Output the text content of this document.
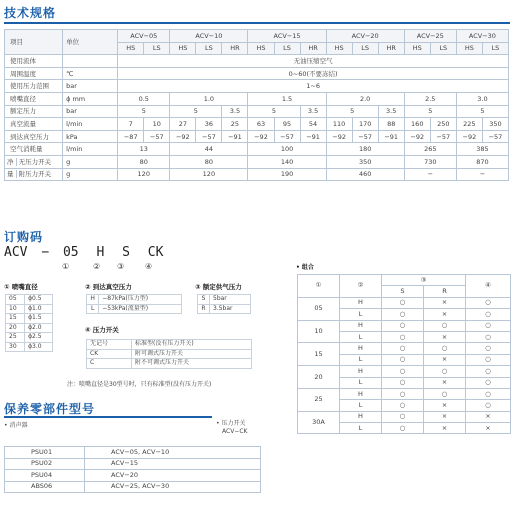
技术规格
项目	单位	ACV−05		ACV−10			ACV−15			ACV−20			ACV−25		ACV−30	
		HS	LS	HS	LS	HR	HS	LS	HR	HS	LS	HR	HS	LS	HS	LS
使用流体		无油压缩空气														
周围温度	℃	0~60(不要冻结)														
使用压力范围	bar	1~6														
喷嘴直径	ϕ mm	0.5		1.0			1.5			2.0			2.5		3.0	
额定压力	bar	5		5		3.5	5		3.5	5		3.5	5		5	
真空流量	l/min	7	10	27	36	25	63	95	54	110	170	88	160	250	225	350
到达真空压力	kPa	−87	−57	−92	−57	−91	−92	−57	−91	−92	−57	−91	−92	−57	−92	−57
空气消耗量	l/min	13		44			100			180			265		385	
净 无压力开关	g	80		80			140			350			730		870	
量 附压力开关	g	120		120			190			460			−		−	
订购码
ACV − 05 H S CK
①	② ③	④
① 喷嘴直径
05	ϕ0.5
10	ϕ1.0
15	ϕ1.5
20	ϕ2.0
25	ϕ2.5
30	ϕ3.0
② 到达真空压力
H	−87kPa(压力型)
L	−53kPa(流量型)
③ 额定供气压力
S	5bar
R	3.5bar
④ 压力开关
无记号	标准型(没有压力开关)
CK	附可调式压力开关
C	附不可调式压力开关
注：喷嘴直径是30型号时，只有标准型(没有压力开关)
• 组合
①	②	③		④
		S	R	
05	H	○	×	○
	L	○	×	○
10	H	○	○	○
	L	○	×	○
15	H	○	○	○
	L	○	×	○
20	H	○	○	○
	L	○	×	○
25	H	○	○	○
	L	○	×	○
30A	H	○	×	×
	L	○	×	×
保养零部件型号
• 消声器	• 压力开关
ACV−CK
PSU01	ACV−05, ACV−10
PSU02	ACV−15
PSU04	ACV−20
ABS06	ACV−25, ACV−30
